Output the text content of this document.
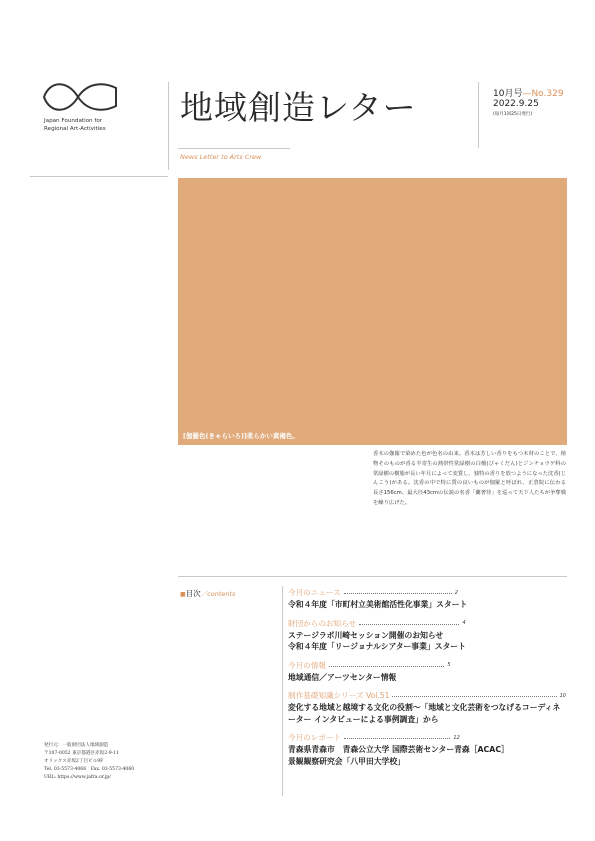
Japan Foundation for
Regional Art-Activities
地域創造レター
News Letter to Arts Crew
10月号—No.329
2022.9.25
(毎月1回25日発行)
[伽羅色(きゃらいろ)]柔らかい黄褐色。
香木の伽羅で染めた色が色名の由来。香木は芳しい香りをもつ木材のことで、植物そのものが香る半寄生の熱帯性常緑樹の白檀(びゃくだん)とジンチョウゲ科の常緑樹の樹脂が長い年月によって変質し、独特の香りを放つようになった沈香(じんこう)がある。沈香の中で特に質の良いものが伽羅と呼ばれ、正倉院に伝わる長さ156cm、最大径43cmの伝説の名香「蘭奢待」を巡って天下人たちが争奪戦を繰り広げた。
■目次／contents	今月のニュース	2
令和４年度「市町村立美術館活性化事業」スタート
財団からのお知らせ	4
ステージラボ川崎セッション開催のお知らせ
令和４年度「リージョナルシアター事業」スタート
今月の情報	5
地域通信／アーツセンター情報
制作基礎知識シリーズ Vol.51	10
変化する地域と越境する文化の役割〜「地域と文化芸術をつなげるコーディネーター インタビューによる事例調査」から
今月のレポート	12
青森県青森市　青森公立大学 国際芸術センター青森［ACAC］
景観観察研究会「八甲田大学校」
発行元：一般財団法人地域創造
〒107-0052 東京都港区赤坂2-9-11
オリックス赤坂2丁目ビル9F
Tel. 03-5573-4066　Fax. 03-5573-4060
URL: https://www.jafra.or.jp/
